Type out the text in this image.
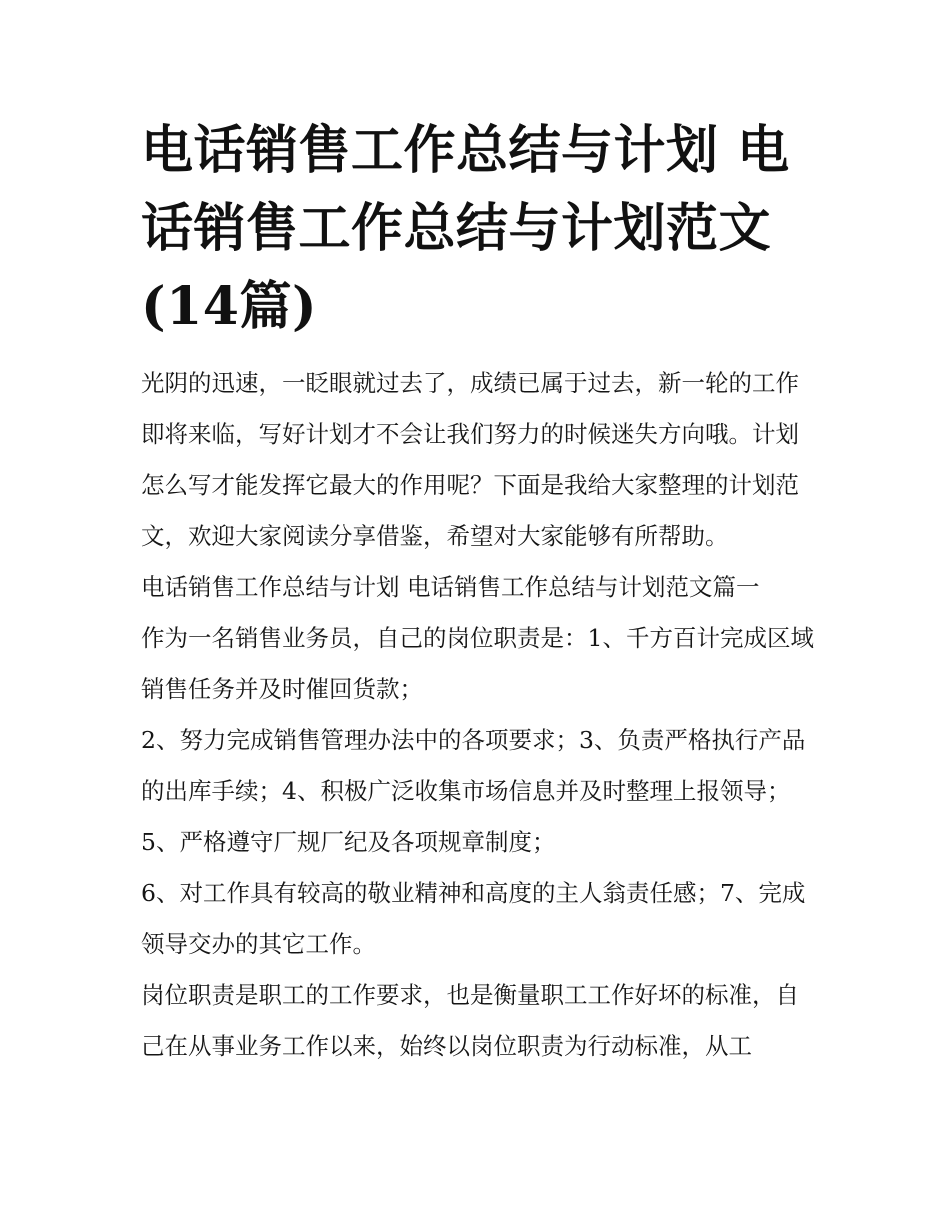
电话销售工作总结与计划 电话销售工作总结与计划范文(14篇)

光阴的迅速，一眨眼就过去了，成绩已属于过去，新一轮的工作即将来临，写好计划才不会让我们努力的时候迷失方向哦。计划怎么写才能发挥它最大的作用呢？下面是我给大家整理的计划范文，欢迎大家阅读分享借鉴，希望对大家能够有所帮助。

电话销售工作总结与计划 电话销售工作总结与计划范文篇一

作为一名销售业务员，自己的岗位职责是：1、千方百计完成区域销售任务并及时催回货款；

2、努力完成销售管理办法中的各项要求；3、负责严格执行产品的出库手续；4、积极广泛收集市场信息并及时整理上报领导；5、严格遵守厂规厂纪及各项规章制度；

6、对工作具有较高的敬业精神和高度的主人翁责任感；7、完成领导交办的其它工作。

岗位职责是职工的工作要求，也是衡量职工工作好坏的标准，自己在从事业务工作以来，始终以岗位职责为行动标准，从工
